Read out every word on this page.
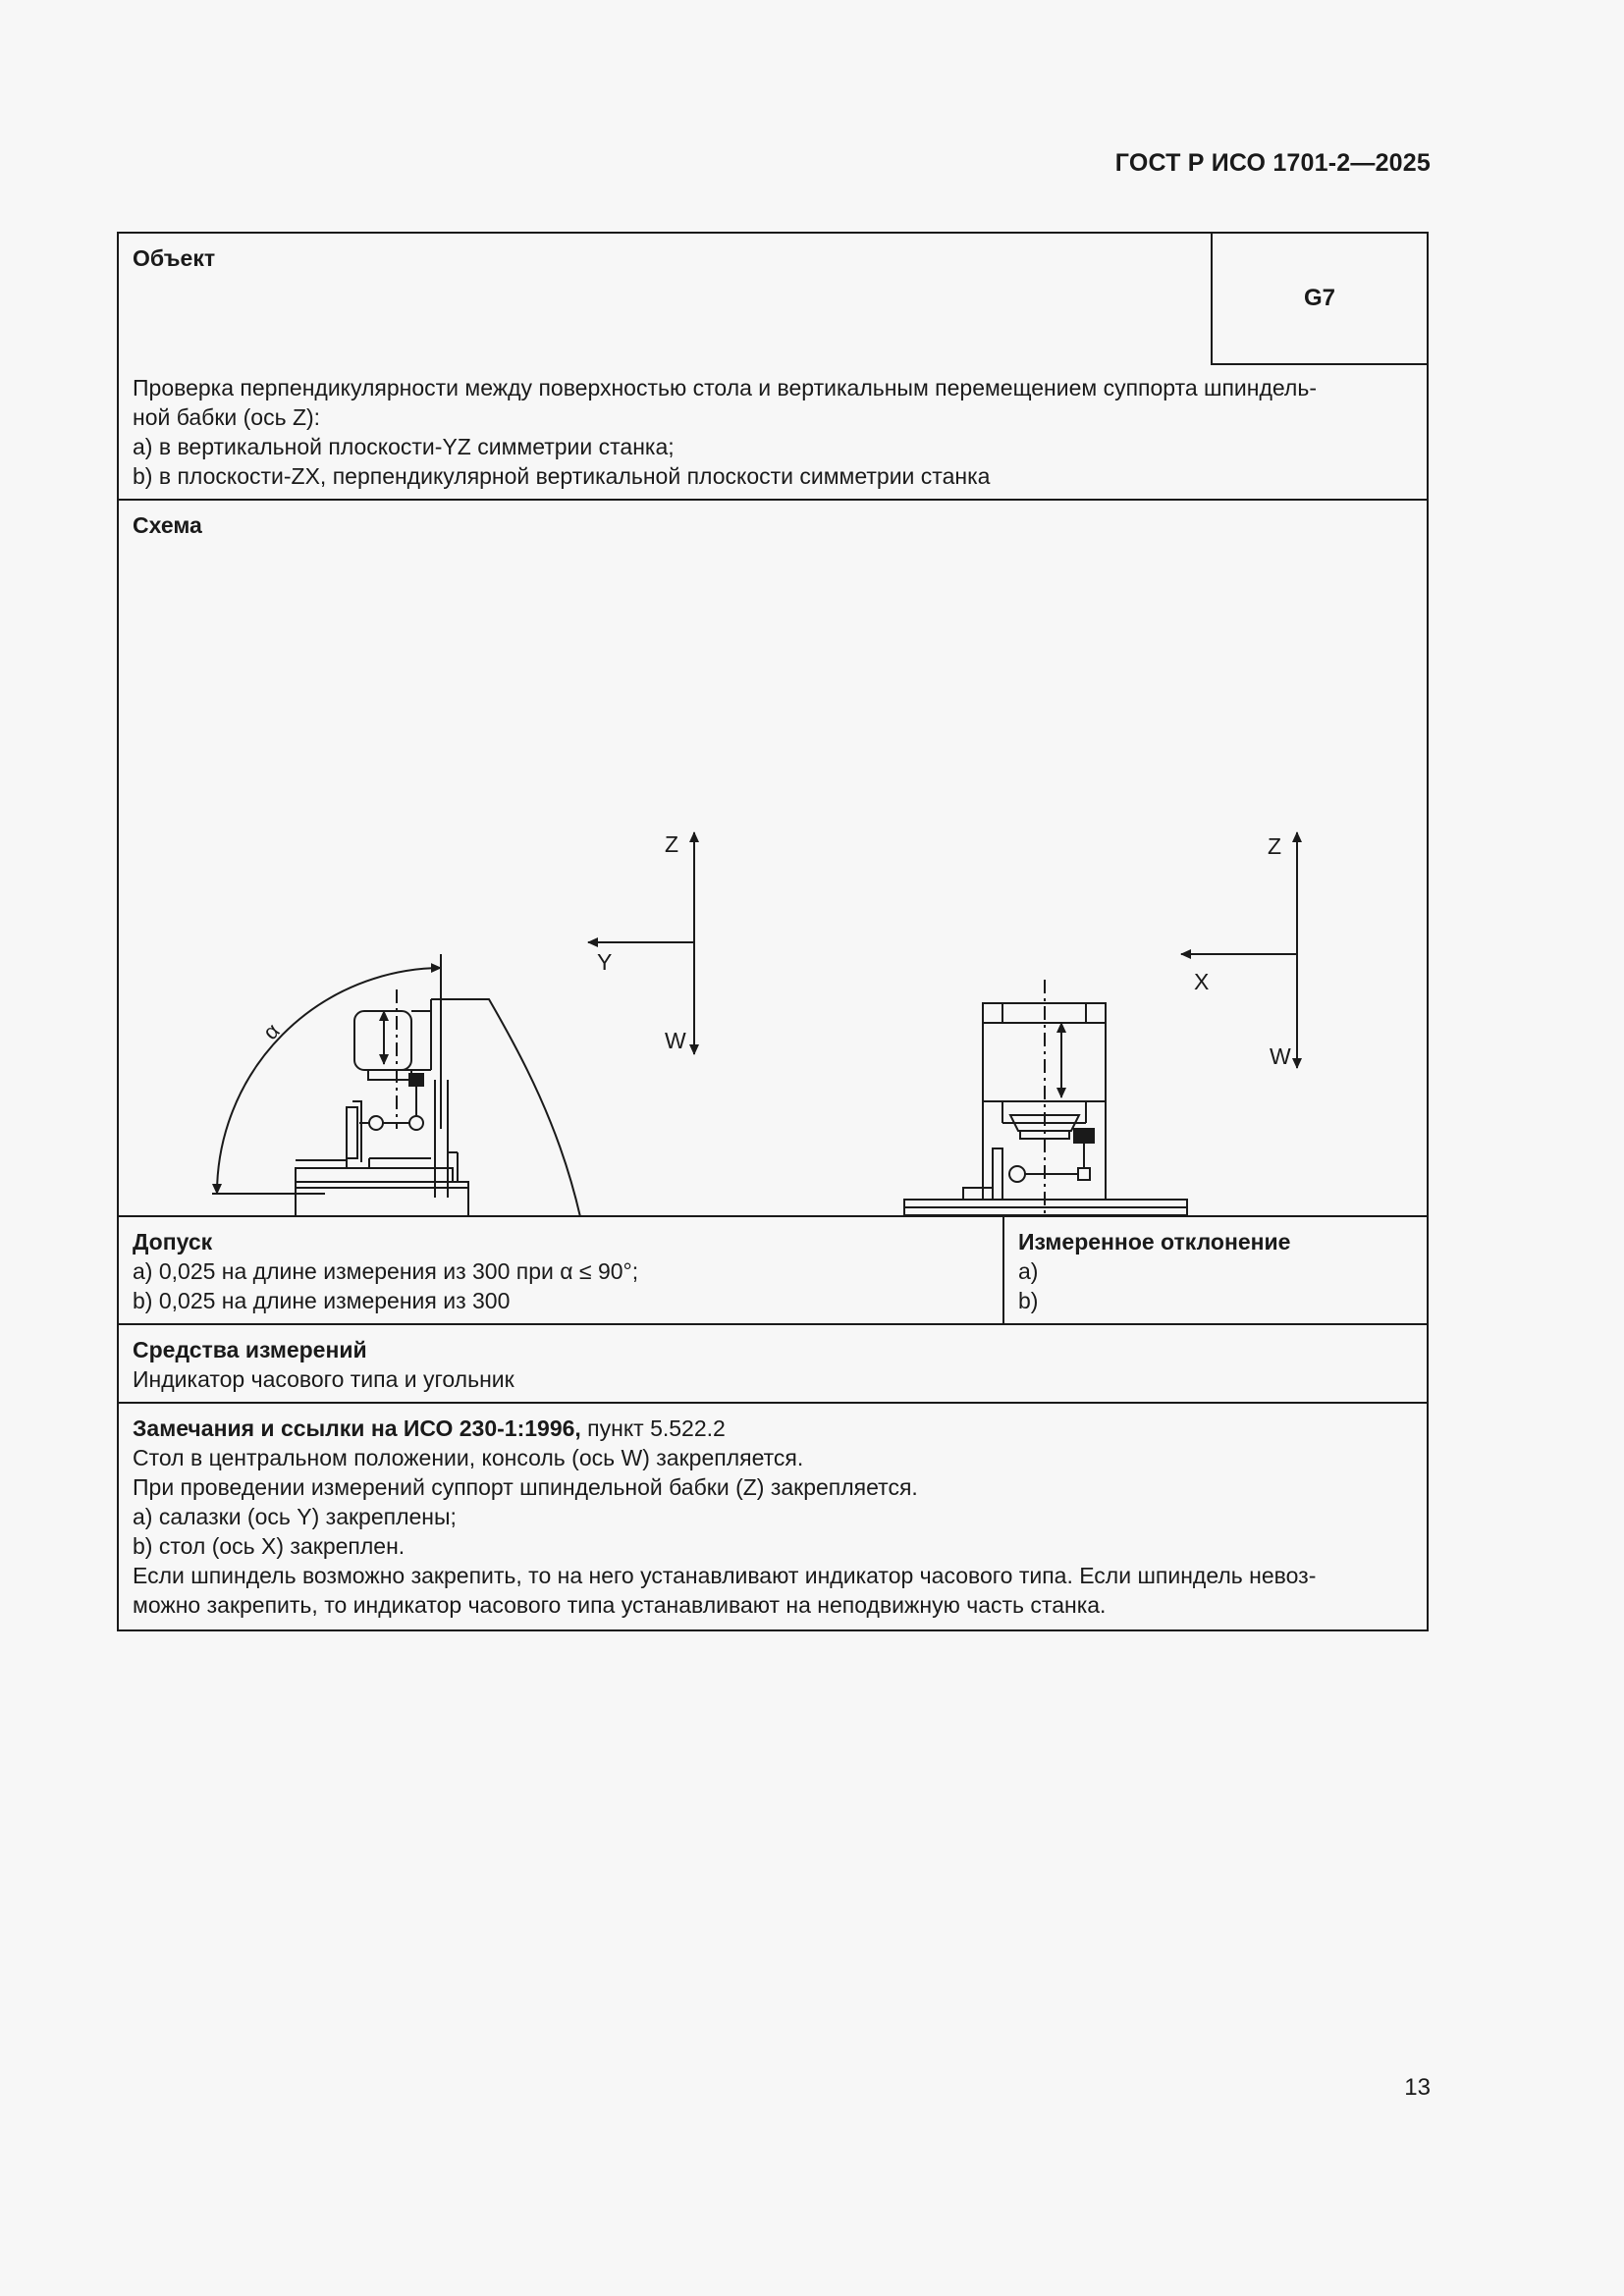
ГОСТ Р ИСО 1701-2—2025
Объект
G7
Проверка перпендикулярности между поверхностью стола и вертикальным перемещением суппорта шпиндель-
ной бабки (ось Z):
a) в вертикальной плоскости-YZ симметрии станка;
b) в плоскости-ZX, перпендикулярной вертикальной плоскости симметрии станка
Схема
Z
Y
W
α
Z
X
W
Допуск
a) 0,025 на длине измерения из 300 при α ≤ 90°;
b) 0,025 на длине измерения из 300
Измеренное отклонение
a)
b)
Средства измерений
Индикатор часового типа и угольник
Замечания и ссылки на ИСО 230-1:1996, пункт 5.522.2
Стол в центральном положении, консоль (ось W) закрепляется.
При проведении измерений суппорт шпиндельной бабки (Z) закрепляется.
a) салазки (ось Y) закреплены;
b) стол (ось X) закреплен.
Если шпиндель возможно закрепить, то на него устанавливают индикатор часового типа. Если шпиндель невоз-
можно закрепить, то индикатор часового типа устанавливают на неподвижную часть станка.
13
